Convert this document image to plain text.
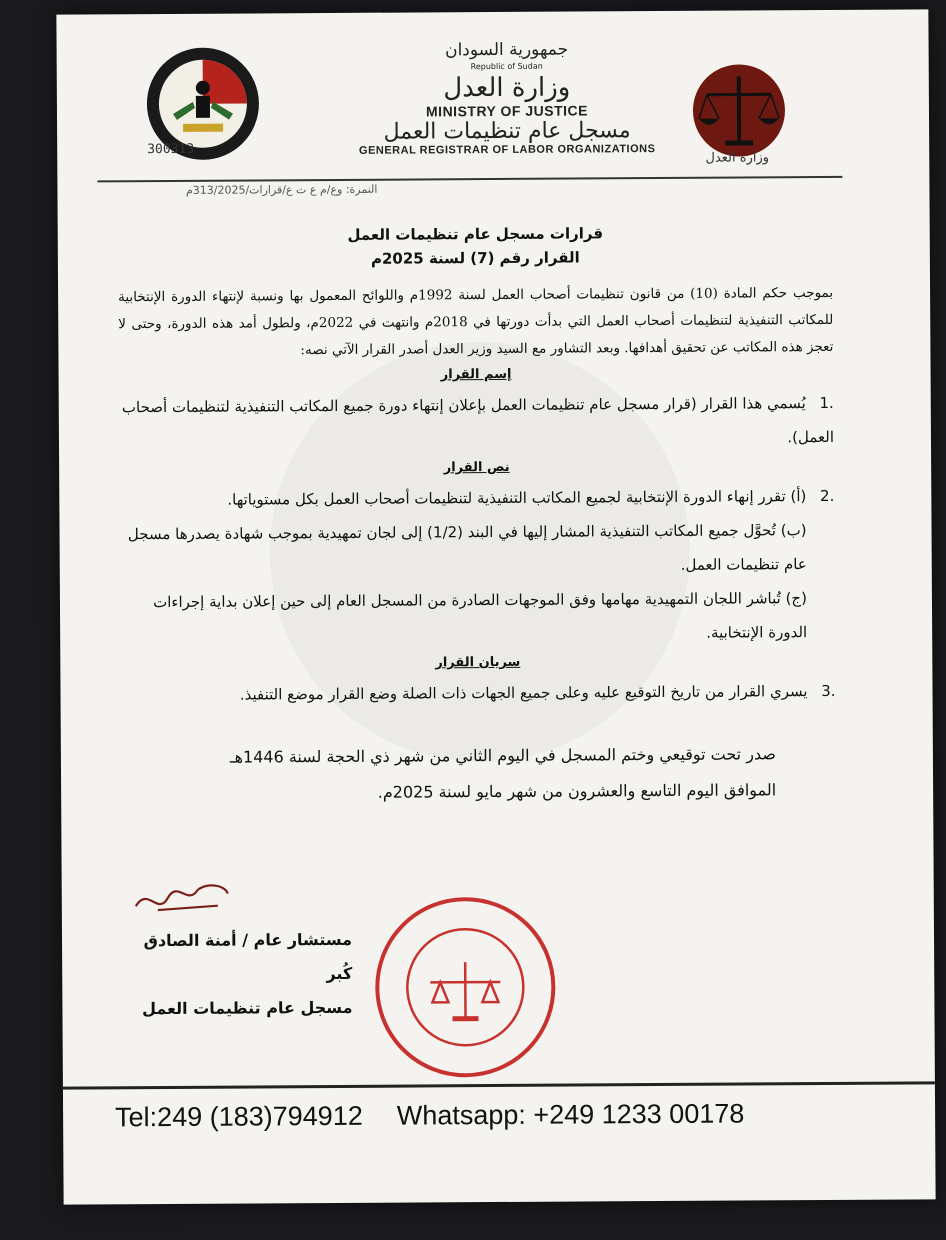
300313
جمهورية السودان
Republic of Sudan
وزارة العدل
MINISTRY OF JUSTICE
مسجل عام تنظيمات العمل
GENERAL REGISTRAR OF LABOR ORGANIZATIONS
وزارة العدل
النمرة: وع/م ع ت ع/قرارات/313/2025م
قرارات مسجل عام تنظيمات العمل
القرار رقم (7) لسنة 2025م
بموجب حكم المادة (10) من قانون تنظيمات أصحاب العمل لسنة 1992م واللوائح المعمول بها ونسبة لإنتهاء الدورة الإنتخابية للمكاتب التنفيذية لتنظيمات أصحاب العمل التي بدأت دورتها في 2018م وانتهت في 2022م، ولطول أمد هذه الدورة، وحتى لا تعجز هذه المكاتب عن تحقيق أهدافها. وبعد التشاور مع السيد وزير العدل أصدر القرار الآتي نصه:
إسم القرار
.1يُسمي هذا القرار (قرار مسجل عام تنظيمات العمل بإعلان إنتهاء دورة جميع المكاتب التنفيذية لتنظيمات أصحاب العمل).
نص القرار
.2(أ) تقرر إنهاء الدورة الإنتخابية لجميع المكاتب التنفيذية لتنظيمات أصحاب العمل بكل مستوياتها.
(ب) تُحوَّل جميع المكاتب التنفيذية المشار إليها في البند (1/2) إلى لجان تمهيدية بموجب شهادة يصدرها مسجل عام تنظيمات العمل.
(ج) تُباشر اللجان التمهيدية مهامها وفق الموجهات الصادرة من المسجل العام إلى حين إعلان بداية إجراءات الدورة الإنتخابية.
سريان القرار
.3يسري القرار من تاريخ التوقيع عليه وعلى جميع الجهات ذات الصلة وضع القرار موضع التنفيذ.
صدر تحت توقيعي وختم المسجل في اليوم الثاني من شهر ذي الحجة لسنة 1446هـ
الموافق اليوم التاسع والعشرون من شهر مايو لسنة 2025م.
مستشار عام / أمنة الصادق كُبر
مسجل عام تنظيمات العمل
Tel:249 (183)794912 Whatsapp: +249 1233 00178
